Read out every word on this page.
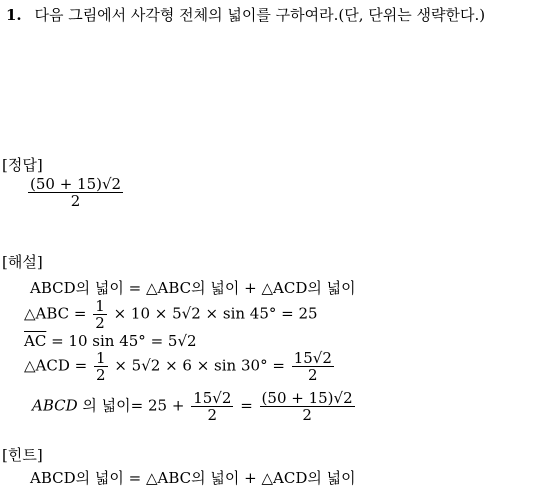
1. 다음 그림에서 사각형 전체의 넓이를 구하여라.(단, 단위는 생략한다.)
[정답]
$\frac{(50 + 15)√2}{2}$
[해설]
ABCD의 넓이 = △ABC의 넓이 + △ACD의 넓이
△ABC = $\frac{1}{2} \times 10 \times 5√2 \times \sin 45^\circ = 25$
$\overline{AC} = 10$ sin 45° = 5√2
△ACD = $\frac{1}{2} \times 5√2 \times 6 \times \sin 30^\circ = \frac{15√2}{2}$
ABCD 의 넓이= $25 + \frac{15√2}{2} = \frac{(50 + 15)√2}{2}$
[힌트]
ABCD의 넓이 = △ABC의 넓이 + △ACD의 넓이
